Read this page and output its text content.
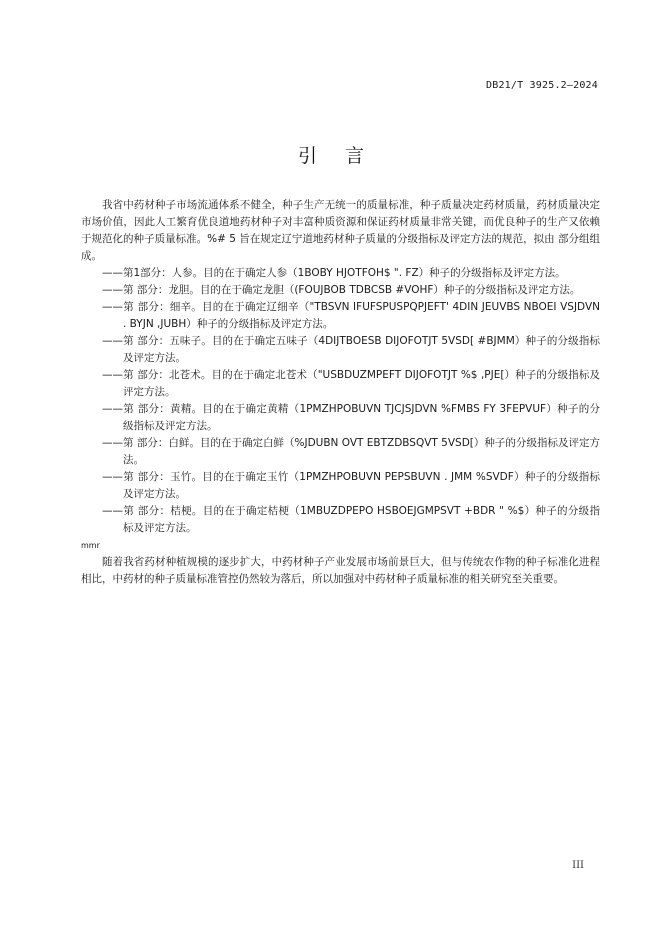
DB21/T 3925.2—2024
引言

我省中药材种子市场流通体系不健全，种子生产无统一的质量标准，种子质量决定药材质量，药材质量决定市场价值，因此人工繁育优良道地药材种子对丰富种质资源和保证药材质量非常关键，而优良种子的生产又依赖于规范化的种子质量标准。%# 5 旨在规定辽宁道地药材种子质量的分级指标及评定方法的规范，拟由 部分组组成。

——第1部分：人参。目的在于确定人参（1BOBY HJOTFOH$ ". FZ）种子的分级指标及评定方法。
——第 部分：龙胆。目的在于确定龙胆（(FOUJBOB TDBCSB #VOHF）种子的分级指标及评定方法。
——第 部分：细辛。目的在于确定辽细辛（"TBSVN IFUFSPUSPQPJEFT' 4DIN JEUVBS NBOEI VSJDVN . BYJN ,JUBH）种子的分级指标及评定方法。
——第 部分：五味子。目的在于确定五味子（4DIJTBOESB DIJOFOTJT 5VSD[ #BJMM）种子的分级指标及评定方法。
——第 部分：北苍术。目的在于确定北苍术（"USBDUZMPEFT DIJOFOTJT %$ ,PJE[）种子的分级指标及评定方法。
——第 部分：黄精。目的在于确定黄精（1PMZHPOBUVN TJCJSJDVN %FMBS FY 3FEPVUF）种子的分级指标及评定方法。
——第 部分：白鲜。目的在于确定白鲜（%JDUBN OVT EBTZDBSQVT 5VSD[）种子的分级指标及评定方法。
——第 部分：玉竹。目的在于确定玉竹（1PMZHPOBUVN PEPSBUVN . JMM %SVDF）种子的分级指标及评定方法。
——第 部分：桔梗。目的在于确定桔梗（1MBUZDPEPO HSBOEJGMPSVT +BDR " %$）种子的分级指标及评定方法。
mmr

随着我省药材种植规模的逐步扩大，中药材种子产业发展市场前景巨大，但与传统农作物的种子标准化进程相比，中药材的种子质量标准管控仍然较为落后，所以加强对中药材种子质量标准的相关研究至关重要。

III
